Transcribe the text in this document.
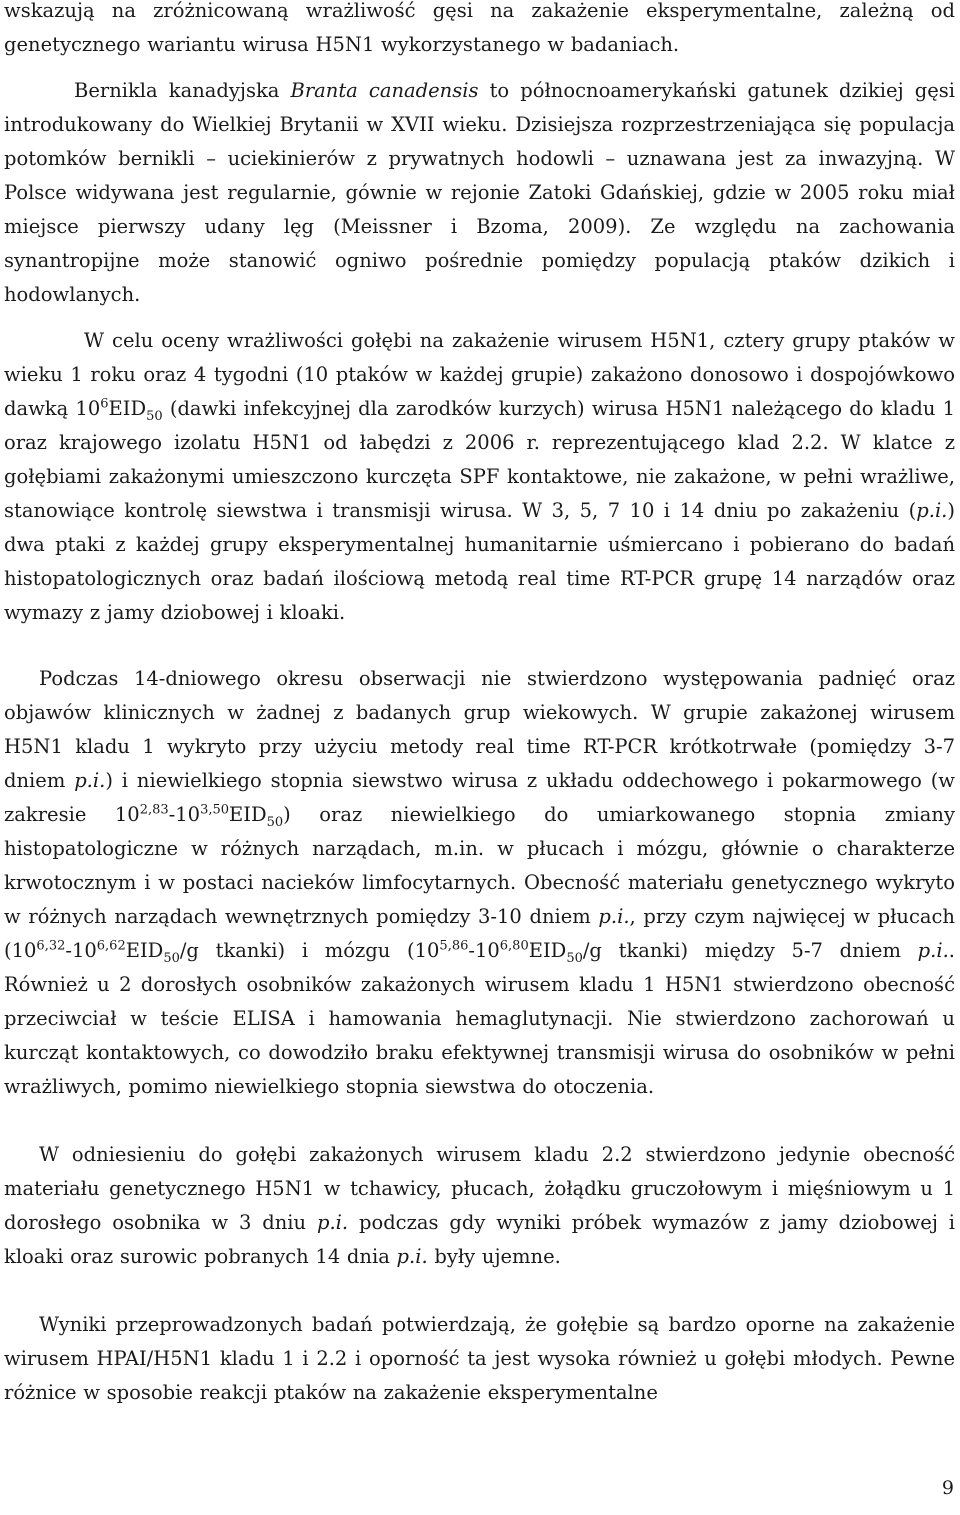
wskazują na zróżnicowaną wrażliwość gęsi na zakażenie eksperymentalne, zależną od genetycznego wariantu wirusa H5N1 wykorzystanego w badaniach.

Bernikla kanadyjska Branta canadensis to północnoamerykański gatunek dzikiej gęsi introdukowany do Wielkiej Brytanii w XVII wieku. Dzisiejsza rozprzestrzeniająca się populacja potomków bernikli – uciekinierów z prywatnych hodowli – uznawana jest za inwazyjną. W Polsce widywana jest regularnie, gównie w rejonie Zatoki Gdańskiej, gdzie w 2005 roku miał miejsce pierwszy udany lęg (Meissner i Bzoma, 2009). Ze względu na zachowania synantropijne może stanowić ogniwo pośrednie pomiędzy populacją ptaków dzikich i hodowlanych.

W celu oceny wrażliwości gołębi na zakażenie wirusem H5N1, cztery grupy ptaków w wieku 1 roku oraz 4 tygodni (10 ptaków w każdej grupie) zakażono donosowo i dospojówkowo dawką $10^6EID_{50}$ (dawki infekcyjnej dla zarodków kurzych) wirusa H5N1 należącego do kladu 1 oraz krajowego izolatu H5N1 od łabędzi z 2006 r. reprezentującego klad 2.2. W klatce z gołębiami zakażonymi umieszczono kurczęta SPF kontaktowe, nie zakażone, w pełni wrażliwe, stanowiące kontrolę siewstwa i transmisji wirusa. W 3, 5, 7 10 i 14 dniu po zakażeniu (p.i.) dwa ptaki z każdej grupy eksperymentalnej humanitarnie uśmiercano i pobierano do badań histopatologicznych oraz badań ilościową metodą real time RT-PCR grupę 14 narządów oraz wymazy z jamy dziobowej i kloaki.

Podczas 14-dniowego okresu obserwacji nie stwierdzono występowania padnięć oraz objawów klinicznych w żadnej z badanych grup wiekowych. W grupie zakażonej wirusem H5N1 kladu 1 wykryto przy użyciu metody real time RT-PCR krótkotrwałe (pomiędzy 3-7 dniem p.i.) i niewielkiego stopnia siewstwo wirusa z układu oddechowego i pokarmowego (w zakresie $10^{2,83}-10^{3,50}EID_{50}$) oraz niewielkiego do umiarkowanego stopnia zmiany histopatologiczne w różnych narządach, m.in. w płucach i mózgu, głównie o charakterze krwotocznym i w postaci nacieków limfocytarnych. Obecność materiału genetycznego wykryto w różnych narządach wewnętrznych pomiędzy 3-10 dniem p.i., przy czym najwięcej w płucach ($10^{6,32}-10^{6,62}EID_{50}/g$ tkanki) i mózgu ($10^{5,86}-10^{6,80}EID_{50}/g$ tkanki) między 5-7 dniem p.i.. Również u 2 dorosłych osobników zakażonych wirusem kladu 1 H5N1 stwierdzono obecność przeciwciał w teście ELISA i hamowania hemaglutynacji. Nie stwierdzono zachorowań u kurcząt kontaktowych, co dowodziło braku efektywnej transmisji wirusa do osobników w pełni wrażliwych, pomimo niewielkiego stopnia siewstwa do otoczenia.

W odniesieniu do gołębi zakażonych wirusem kladu 2.2 stwierdzono jedynie obecność materiału genetycznego H5N1 w tchawicy, płucach, żołądku gruczołowym i mięśniowym u 1 dorosłego osobnika w 3 dniu p.i. podczas gdy wyniki próbek wymazów z jamy dziobowej i kloaki oraz surowic pobranych 14 dnia p.i. były ujemne.

Wyniki przeprowadzonych badań potwierdzają, że gołębie są bardzo oporne na zakażenie wirusem HPAI/H5N1 kladu 1 i 2.2 i oporność ta jest wysoka również u gołębi młodych. Pewne różnice w sposobie reakcji ptaków na zakażenie eksperymentalne

9
